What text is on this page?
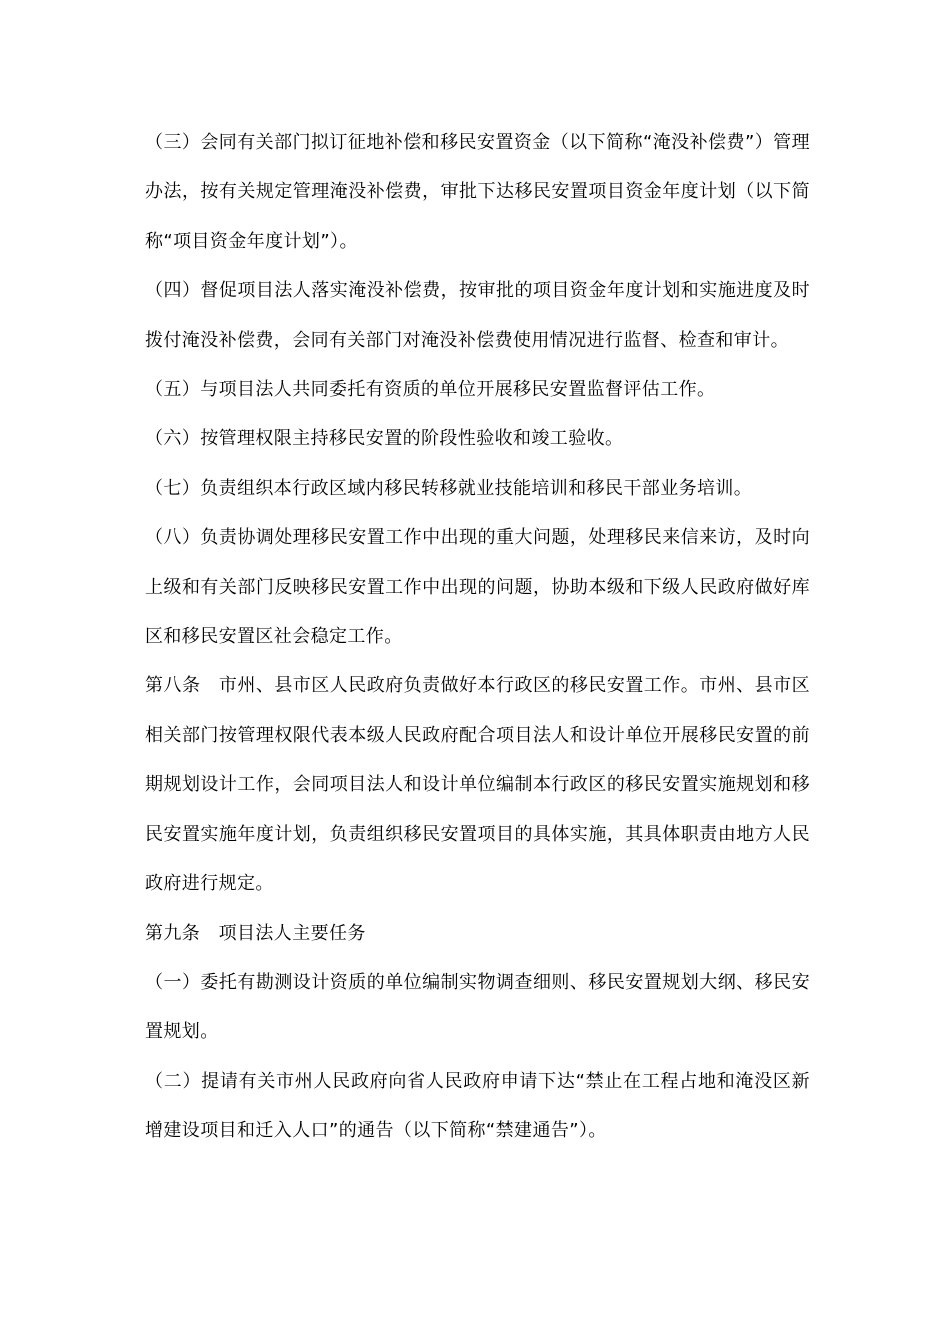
（三）会同有关部门拟订征地补偿和移民安置资金（以下简称“淹没补偿费”）管理办法，按有关规定管理淹没补偿费，审批下达移民安置项目资金年度计划（以下简称“项目资金年度计划”）。

（四）督促项目法人落实淹没补偿费，按审批的项目资金年度计划和实施进度及时拨付淹没补偿费，会同有关部门对淹没补偿费使用情况进行监督、检查和审计。

（五）与项目法人共同委托有资质的单位开展移民安置监督评估工作。

（六）按管理权限主持移民安置的阶段性验收和竣工验收。

（七）负责组织本行政区域内移民转移就业技能培训和移民干部业务培训。

（八）负责协调处理移民安置工作中出现的重大问题，处理移民来信来访，及时向上级和有关部门反映移民安置工作中出现的问题，协助本级和下级人民政府做好库区和移民安置区社会稳定工作。

第八条　市州、县市区人民政府负责做好本行政区的移民安置工作。市州、县市区相关部门按管理权限代表本级人民政府配合项目法人和设计单位开展移民安置的前期规划设计工作，会同项目法人和设计单位编制本行政区的移民安置实施规划和移民安置实施年度计划，负责组织移民安置项目的具体实施，其具体职责由地方人民政府进行规定。

第九条　项目法人主要任务

（一）委托有勘测设计资质的单位编制实物调查细则、移民安置规划大纲、移民安置规划。

（二）提请有关市州人民政府向省人民政府申请下达“禁止在工程占地和淹没区新增建设项目和迁入人口”的通告（以下简称“禁建通告”）。
